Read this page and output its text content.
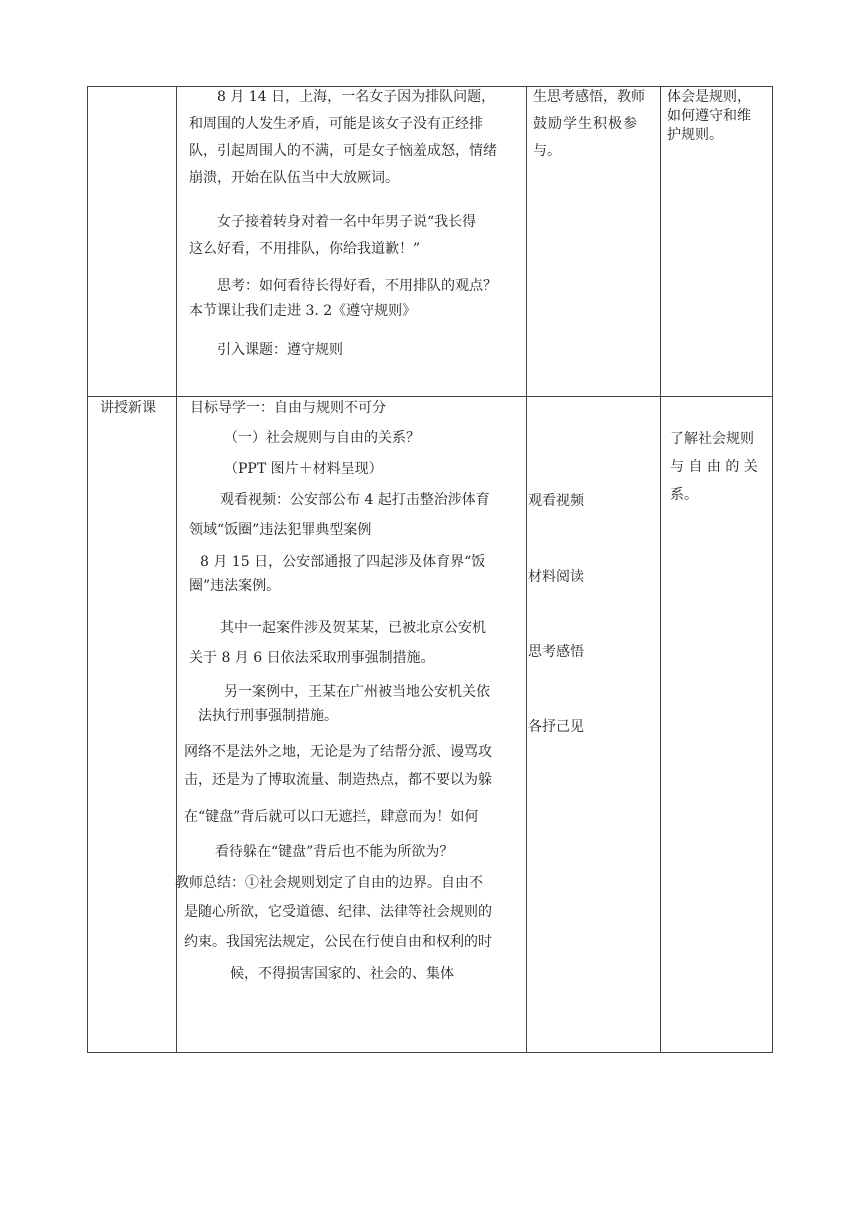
8 月 14 日，上海，一名女子因为排队问题，
和周围的人发生矛盾，可能是该女子没有正经排
队，引起周围人的不满，可是女子恼羞成怒，情绪
崩溃，开始在队伍当中大放厥词。
女子接着转身对着一名中年男子说“我长得
这么好看，不用排队，你给我道歉！”
思考：如何看待长得好看，不用排队的观点？
本节课让我们走进 3. 2《遵守规则》
引入课题：遵守规则
生思考感悟，教师
鼓励学生积极参
与。
体会是规则，
如何遵守和维
护规则。
讲授新课 目标导学一：自由与规则不可分
（一）社会规则与自由的关系？
（PPT 图片＋材料呈现）
观看视频：公安部公布 4 起打击整治涉体育
领域“饭圈”违法犯罪典型案例
8 月 15 日，公安部通报了四起涉及体育界“饭
圈”违法案例。
其中一起案件涉及贺某某，已被北京公安机
关于 8 月 6 日依法采取刑事强制措施。
另一案例中，王某在广州被当地公安机关依
法执行刑事强制措施。
网络不是法外之地，无论是为了结帮分派、谩骂攻
击，还是为了博取流量、制造热点，都不要以为躲
在“键盘”背后就可以口无遮拦，肆意而为！如何
看待躲在“键盘”背后也不能为所欲为？
教师总结：①社会规则划定了自由的边界。自由不
是随心所欲，它受道德、纪律、法律等社会规则的
约束。我国宪法规定，公民在行使自由和权利的时
候，不得损害国家的、社会的、集体
观看视频
材料阅读
思考感悟
各抒己见
了解社会规则
与 自 由 的 关
系。
